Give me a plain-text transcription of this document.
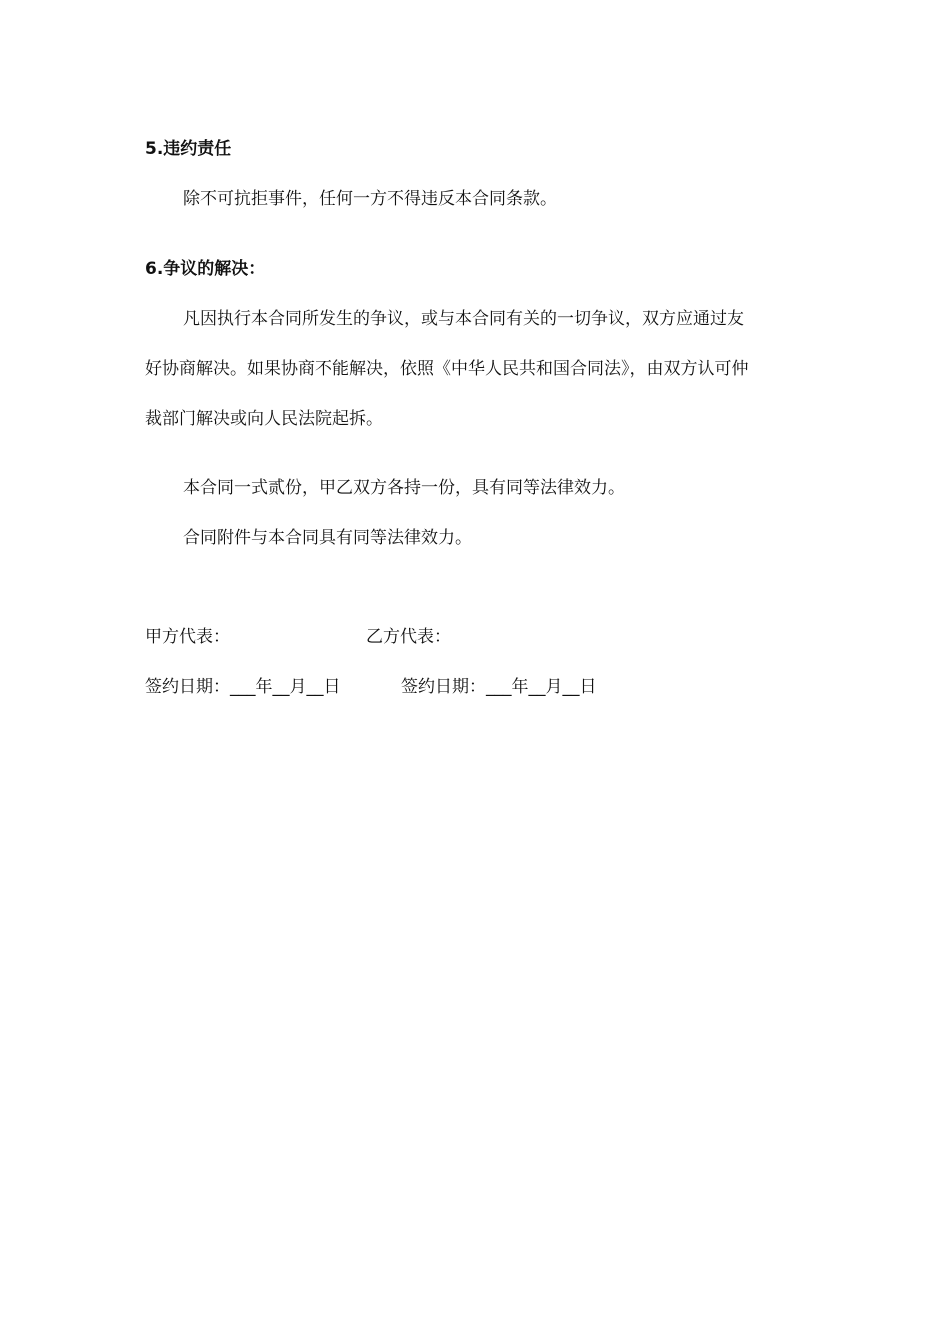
5.违约责任
除不可抗拒事件，任何一方不得违反本合同条款。
6.争议的解决：
凡因执行本合同所发生的争议，或与本合同有关的一切争议，双方应通过友
好协商解决。如果协商不能解决，依照《中华人民共和国合同法》，由双方认可仲
裁部门解决或向人民法院起拆。
本合同一式贰份，甲乙双方各持一份，具有同等法律效力。
合同附件与本合同具有同等法律效力。
甲方代表：	乙方代表：
签约日期：___年__月__日	签约日期：___年__月__日
